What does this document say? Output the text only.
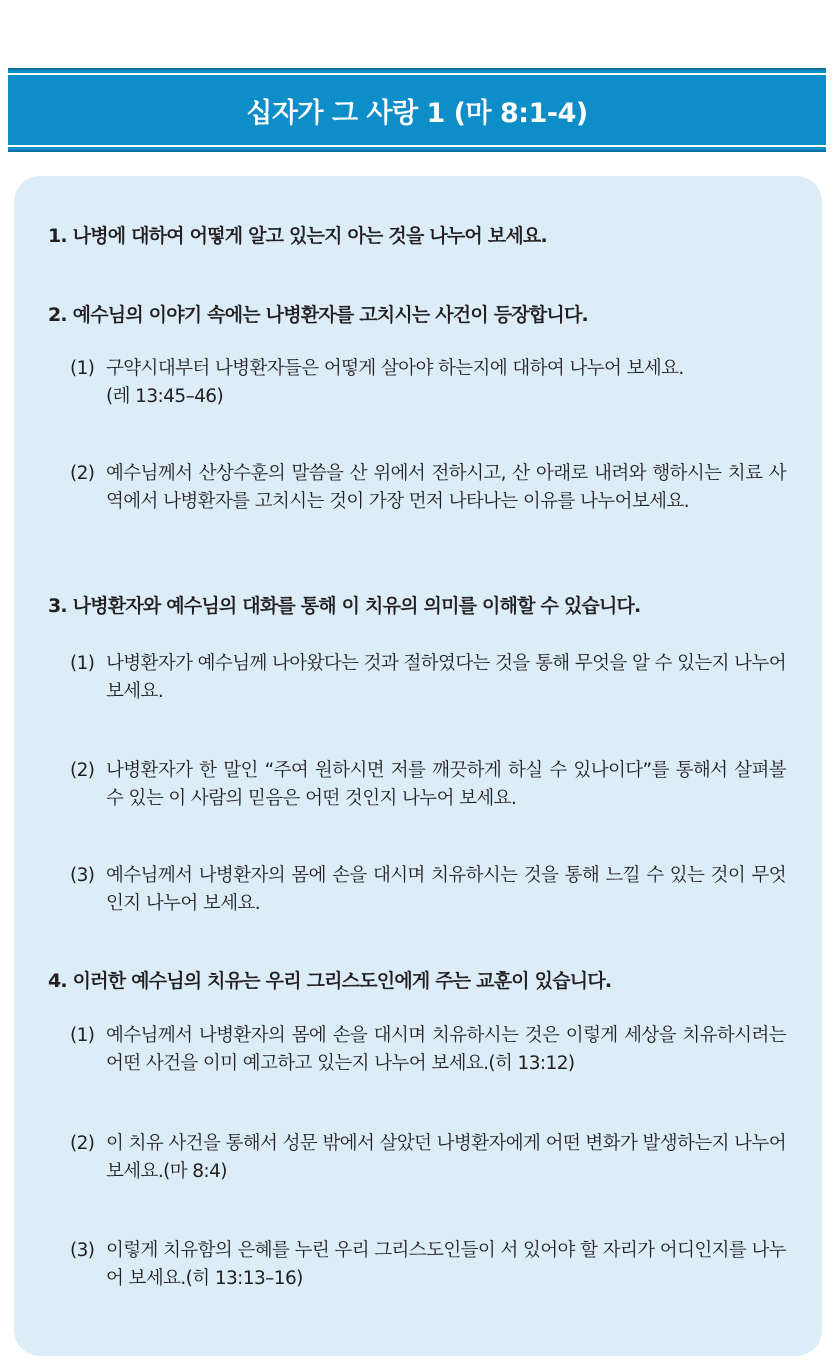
십자가 그 사랑 1 (마 8:1-4)
1. 나병에 대하여 어떻게 알고 있는지 아는 것을 나누어 보세요.
2. 예수님의 이야기 속에는 나병환자를 고치시는 사건이 등장합니다.
(1) 구약시대부터 나병환자들은 어떻게 살아야 하는지에 대하여 나누어 보세요.
(레 13:45–46)
(2) 예수님께서 산상수훈의 말씀을 산 위에서 전하시고, 산 아래로 내려와 행하시는 치료 사역에서 나병환자를 고치시는 것이 가장 먼저 나타나는 이유를 나누어보세요.
3. 나병환자와 예수님의 대화를 통해 이 치유의 의미를 이해할 수 있습니다.
(1) 나병환자가 예수님께 나아왔다는 것과 절하였다는 것을 통해 무엇을 알 수 있는지 나누어 보세요.
(2) 나병환자가 한 말인 “주여 원하시면 저를 깨끗하게 하실 수 있나이다”를 통해서 살펴볼 수 있는 이 사람의 믿음은 어떤 것인지 나누어 보세요.
(3) 예수님께서 나병환자의 몸에 손을 대시며 치유하시는 것을 통해 느낄 수 있는 것이 무엇인지 나누어 보세요.
4. 이러한 예수님의 치유는 우리 그리스도인에게 주는 교훈이 있습니다.
(1) 예수님께서 나병환자의 몸에 손을 대시며 치유하시는 것은 이렇게 세상을 치유하시려는 어떤 사건을 이미 예고하고 있는지 나누어 보세요.(히 13:12)
(2) 이 치유 사건을 통해서 성문 밖에서 살았던 나병환자에게 어떤 변화가 발생하는지 나누어 보세요.(마 8:4)
(3) 이렇게 치유함의 은혜를 누린 우리 그리스도인들이 서 있어야 할 자리가 어디인지를 나누어 보세요.(히 13:13–16)
